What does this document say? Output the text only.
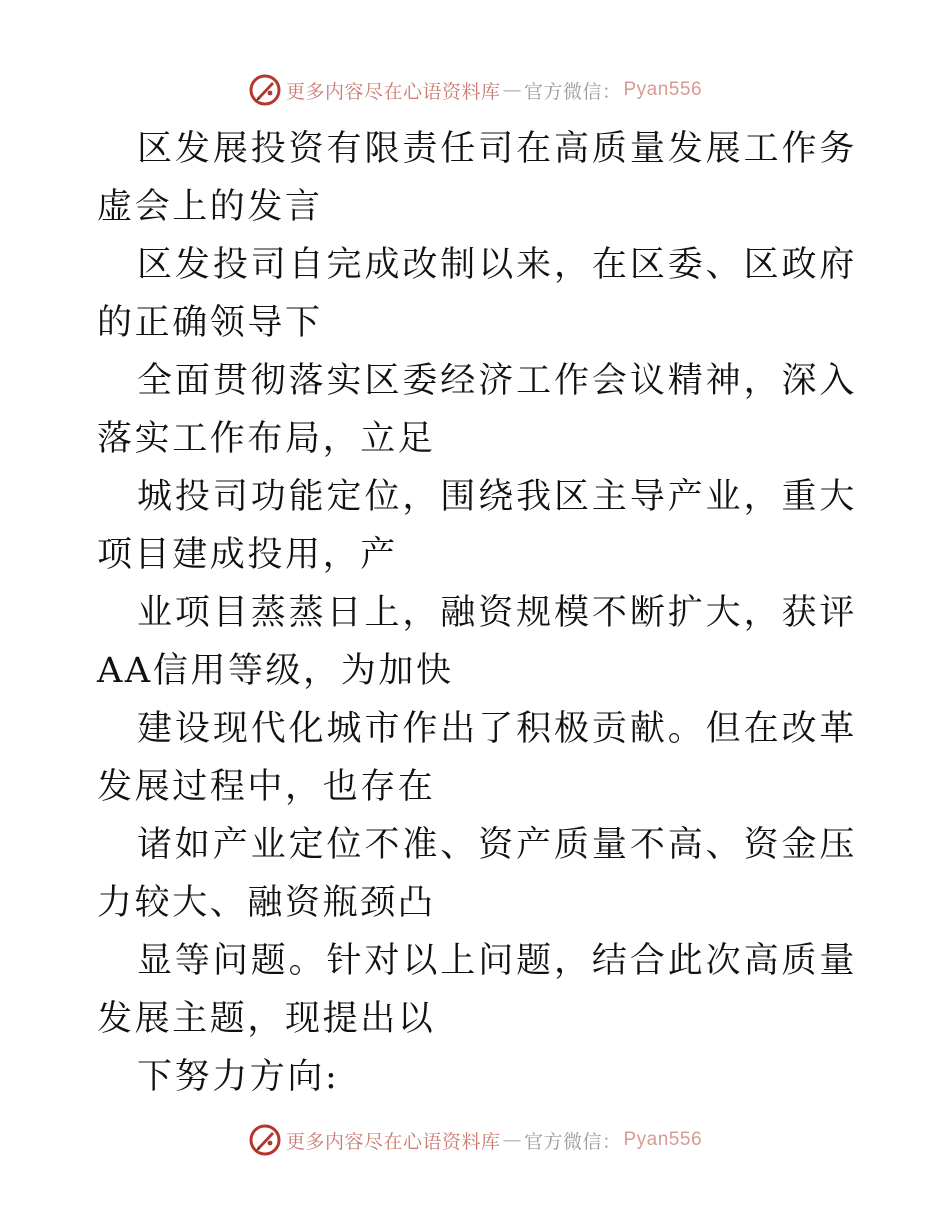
更多内容尽在心语资料库 — 官方微信： Pyan556

区发展投资有限责任司在高质量发展工作务虚会上的发言

区发投司自完成改制以来，在区委、区政府的正确领导下

全面贯彻落实区委经济工作会议精神，深入落实工作布局，立足

城投司功能定位，围绕我区主导产业，重大项目建成投用，产

业项目蒸蒸日上，融资规模不断扩大，获评AA信用等级，为加快

建设现代化城市作出了积极贡献。但在改革发展过程中，也存在

诸如产业定位不准、资产质量不高、资金压力较大、融资瓶颈凸

显等问题。针对以上问题，结合此次高质量发展主题，现提出以

下努力方向:

更多内容尽在心语资料库 — 官方微信： Pyan556
